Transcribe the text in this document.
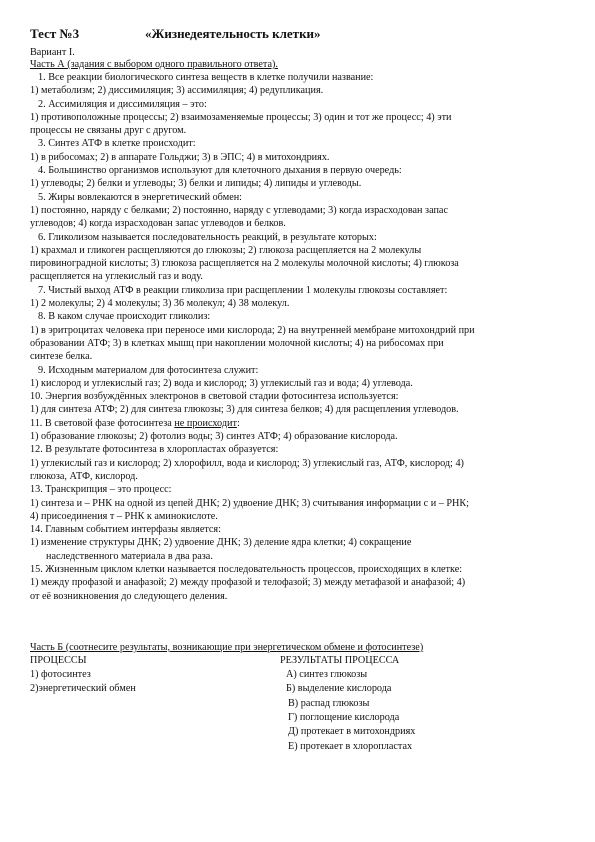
Тест №3	«Жизнедеятельность клетки»
Вариант I.
Часть А (задания с выбором одного правильного ответа).
1. Все реакции биологического синтеза веществ в клетке получили название:
1) метаболизм; 2) диссимиляция; 3) ассимиляция; 4) редупликация.
2. Ассимиляция и диссимиляция – это:
1) противоположные процессы; 2) взаимозаменяемые процессы; 3) один и тот же процесс; 4) эти
процессы не связаны друг с другом.
3. Синтез АТФ в клетке происходит:
1) в рибосомах; 2) в аппарате Гольджи; 3) в ЭПС; 4) в митохондриях.
4. Большинство организмов используют для клеточного дыхания в первую очередь:
1) углеводы; 2) белки и углеводы; 3) белки и липиды; 4) липиды и углеводы.
5. Жиры вовлекаются в энергетический обмен:
1) постоянно, наряду с белками; 2) постоянно, наряду с углеводами; 3) когда израсходован запас
углеводов; 4) когда израсходован запас углеводов и белков.
6. Гликолизом называется последовательность реакций, в результате которых:
1) крахмал и гликоген расщепляются до глюкозы; 2) глюкоза расщепляется на 2 молекулы
пировиноградной кислоты; 3) глюкоза расщепляется на 2 молекулы молочной кислоты; 4) глюкоза
расщепляется на углекислый газ и воду.
7. Чистый выход АТФ в реакции гликолиза при расщеплении 1 молекулы глюкозы составляет:
1) 2 молекулы; 2) 4 молекулы; 3) 36 молекул; 4) 38 молекул.
8. В каком случае происходит гликолиз:
1) в эритроцитах человека при переносе ими кислорода; 2) на внутренней мембране митохондрий при
образовании АТФ; 3) в клетках мышц при накоплении молочной кислоты; 4) на рибосомах при
синтезе белка.
9. Исходным материалом для фотосинтеза служит:
1) кислород и углекислый газ; 2) вода и кислород; 3) углекислый газ и вода; 4) углевода.
10. Энергия возбуждённых электронов в световой стадии фотосинтеза используется:
1) для синтеза АТФ; 2) для синтеза глюкозы; 3) для синтеза белков; 4) для расщепления углеводов.
11. В световой фазе фотосинтеза не происходит:
1) образование глюкозы; 2) фотолиз воды; 3) синтез АТФ; 4) образование кислорода.
12. В результате фотосинтеза в хлоропластах образуется:
1) углекислый газ и кислород; 2) хлорофилл, вода и кислород; 3) углекислый газ, АТФ, кислород; 4)
глюкоза, АТФ, кислород.
13. Транскрипция – это процесс:
1) синтеза и – РНК на одной из цепей ДНК; 2) удвоение ДНК; 3) считывания информации с и – РНК;
4) присоединения т – РНК к аминокислоте.
14. Главным событием интерфазы является:
1) изменение структуры ДНК; 2) удвоение ДНК; 3) деление ядра клетки; 4) сокращение
наследственного материала в два раза.
15. Жизненным циклом клетки называется последовательность процессов, происходящих в клетке:
1) между профазой и анафазой; 2) между профазой и телофазой; 3) между метафазой и анафазой; 4)
от её возникновения до следующего деления.
Часть Б (соотнесите результаты, возникающие при энергетическом обмене и фотосинтезе)
ПРОЦЕССЫ	РЕЗУЛЬТАТЫ ПРОЦЕССА
1) фотосинтез	А) синтез глюкозы
2)энергетический обмен	Б) выделение кислорода
В) распад глюкозы
Г) поглощение кислорода
Д) протекает в митохондриях
Е) протекает в хлоропластах
